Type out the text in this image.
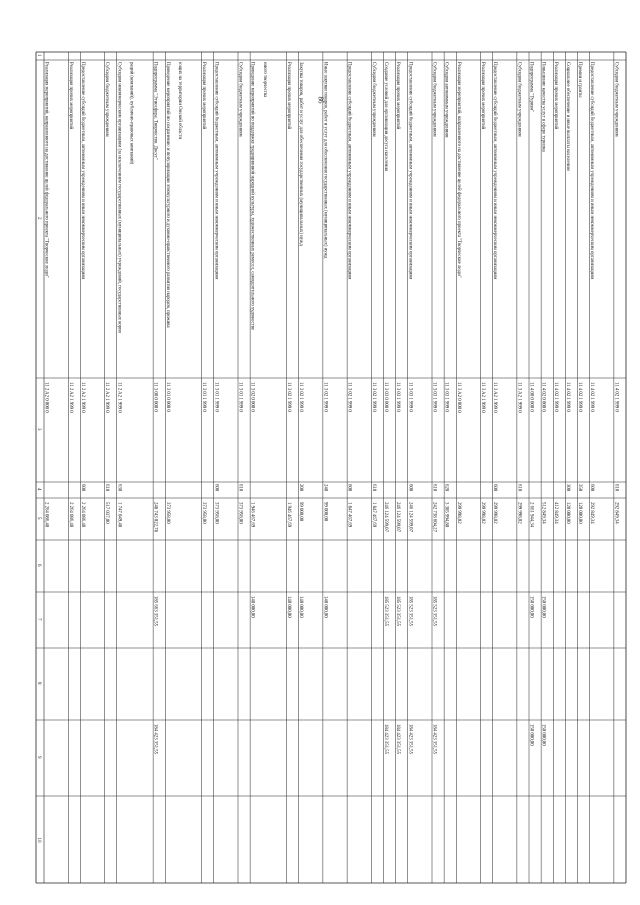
86
1
2
3
4
5
6
7
8
9
10
Реализация мероприятий, направленного на достижение целей федерального проекта "Творческие люди"
11 2 A2 0 000 0
2 264 086,40
Реализация прочих мероприятий
11 2 A2 1 999 0
2 264 086,40
Предоставление субсидий бюджетным, автономным учреждениям и иным некоммерческим организациям
11 2 A2 1 999 0
600
2 264 086,40
Субсидии бюджетным учреждениям
11 2 A2 1 999 0
610
517 037,00
Субсидии некоммерческим организациям (за исключением государственных (муниципальных) учреждений, государственных корпо раций (компаний), публично-правовых компаний)
11 2 A2 1 999 0
630
1 747 049,40
Подпрограмма "Этносфера. Творчество. Досуг"
11 3 00 0 000 0
248 743 022,78
185 663 351,55
184 423 351,55
Проведение мероприятий по сохранению и популяризации этнокультурного и духовно-нравственного развития народов, прожива ющих на территории Омской области
11 3 01 0 000 0
373 958,00
Реализация прочих мероприятий
11 3 01 1 999 0
373 958,00
Предоставление субсидий бюджетным, автономным учреждениям и иным некоммерческим организациям
11 3 01 1 999 0
600
373 958,00
Субсидии бюджетным учреждениям
11 3 01 1 999 0
610
373 958,00
Проведение мероприятий по поддержке традиционной народной культуры, художественных ремесел, самодеятельного художестве нного творчества
11 3 02 0 000 0
1 946 467,69
140 000,00
Реализация прочих мероприятий
11 3 02 1 999 0
1 946 467,69
140 000,00
Закупка товаров, работ и услуг для обеспечения государственных (муниципальных) нужд
11 3 02 1 999 0
200
99 000,00
140 000,00
Иные закупки товаров, работ и услуг для обеспечения государственных (муниципальных) нужд
11 3 02 1 999 0
240
99 000,00
140 000,00
Предоставление субсидий бюджетным, автономным учреждениям и иным некоммерческим организациям
11 3 02 1 999 0
600
1 847 467,69
Субсидии бюджетным учреждениям
11 3 02 1 999 0
610
1 847 467,69
Создание условий для организации досуга населения
11 3 03 0 000 0
246 124 599,07
185 523 351,55
184 423 351,55
Реализация прочих мероприятий
11 3 03 1 999 0
246 124 599,07
185 523 351,55
184 423 351,55
Предоставление субсидий бюджетным, автономным учреждениям и иным некоммерческим организациям
11 3 03 1 999 0
600
246 124 599,07
185 523 351,55
184 423 351,55
Субсидии бюджетным учреждениям
11 3 03 1 999 0
610
242 738 604,27
185 523 351,55
184 423 351,55
Субсидии автономным учреждениям
11 3 03 1 999 0
620
3 385 994,80
Реализация мероприятий, направленного на достижение целей федерального проекта "Творческие люди"
11 3 A2 0 000 0
299 998,02
Реализация прочих мероприятий
11 3 A2 1 999 0
299 998,02
Предоставление субсидий бюджетным, автономным учреждениям и иным некоммерческим организациям
11 3 A2 1 999 0
600
299 998,02
Субсидии бюджетным учреждениям
11 3 A2 1 999 0
610
299 998,02
Подпрограмма "Туризм"
11 4 00 0 000 0
2 661 944,34
150 000,00
150 000,00
Повышение качества услуг в сфере туризма
11 4 02 0 000 0
512 849,34
150 000,00
150 000,00
Реализация прочих мероприятий
11 4 02 1 999 0
412 849,34
Социальное обеспечение и иные выплаты населению
11 4 02 1 999 0
300
120 000,00
Премии и гранты
11 4 02 1 999 0
350
120 000,00
Предоставление субсидий бюджетным, автономным учреждениям и иным некоммерческим организациям
11 4 02 1 999 0
600
292 849,34
Субсидии бюджетным учреждениям
11 4 02 1 999 0
610
292 849,34
